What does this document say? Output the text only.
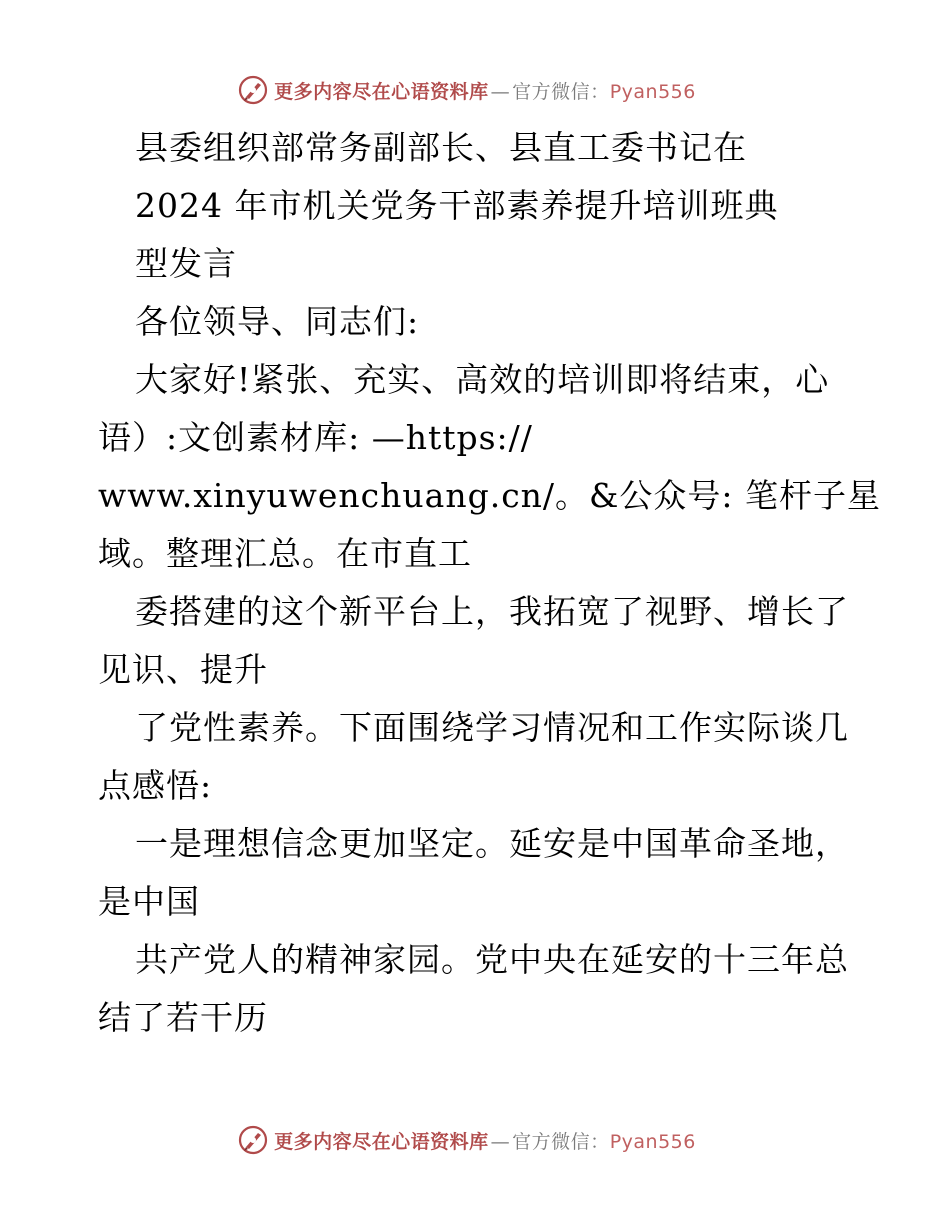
更多内容尽在心语资料库 — 官方微信：Pyan556
县委组织部常务副部长、县直工委书记在
2024 年市机关党务干部素养提升培训班典
型发言
各位领导、同志们:
大家好!紧张、充实、高效的培训即将结束，心
语）:文创素材库: —https://
www.xinyuwenchuang.cn/。&公众号: 笔杆子星
域。整理汇总。在市直工
委搭建的这个新平台上，我拓宽了视野、增长了
见识、提升
了党性素养。下面围绕学习情况和工作实际谈几
点感悟:
一是理想信念更加坚定。延安是中国革命圣地，
是中国
共产党人的精神家园。党中央在延安的十三年总
结了若干历
更多内容尽在心语资料库 — 官方微信：Pyan556
